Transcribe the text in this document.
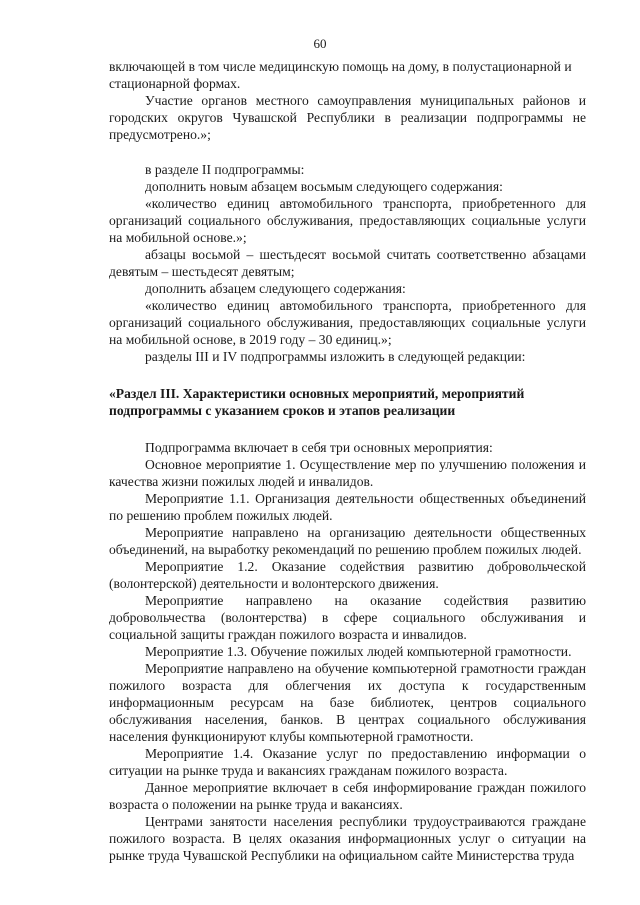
60

включающей в том числе медицинскую помощь на дому, в полустационарной и стационарной формах.

Участие органов местного самоуправления муниципальных районов и городских округов Чувашской Республики в реализации подпрограммы не предусмотрено.»;

в разделе II подпрограммы:

дополнить новым абзацем восьмым следующего содержания:

«количество единиц автомобильного транспорта, приобретенного для организаций социального обслуживания, предоставляющих социальные услуги на мобильной основе.»;

абзацы восьмой – шестьдесят восьмой считать соответственно абзацами девятым – шестьдесят девятым;

дополнить абзацем следующего содержания:

«количество единиц автомобильного транспорта, приобретенного для организаций социального обслуживания, предоставляющих социальные услуги на мобильной основе, в 2019 году – 30 единиц.»;

разделы III и IV подпрограммы изложить в следующей редакции:

«Раздел III. Характеристики основных мероприятий, мероприятий

подпрограммы с указанием сроков и этапов реализации

Подпрограмма включает в себя три основных мероприятия:

Основное мероприятие 1. Осуществление мер по улучшению положения и качества жизни пожилых людей и инвалидов.

Мероприятие 1.1. Организация деятельности общественных объединений по решению проблем пожилых людей.

Мероприятие направлено на организацию деятельности общественных объединений, на выработку рекомендаций по решению проблем пожилых людей.

Мероприятие 1.2. Оказание содействия развитию добровольческой (волонтерской) деятельности и волонтерского движения.

Мероприятие направлено на оказание содействия развитию добровольчества (волонтерства) в сфере социального обслуживания и социальной защиты граждан пожилого возраста и инвалидов.

Мероприятие 1.3. Обучение пожилых людей компьютерной грамотности.

Мероприятие направлено на обучение компьютерной грамотности граждан пожилого возраста для облегчения их доступа к государственным информационным ресурсам на базе библиотек, центров социального обслуживания населения, банков. В центрах социального обслуживания населения функционируют клубы компьютерной грамотности.

Мероприятие 1.4. Оказание услуг по предоставлению информации о ситуации на рынке труда и вакансиях гражданам пожилого возраста.

Данное мероприятие включает в себя информирование граждан пожилого возраста о положении на рынке труда и вакансиях.

Центрами занятости населения республики трудоустраиваются граждане пожилого возраста. В целях оказания информационных услуг о ситуации на рынке труда Чувашской Республики на официальном сайте Министерства труда
